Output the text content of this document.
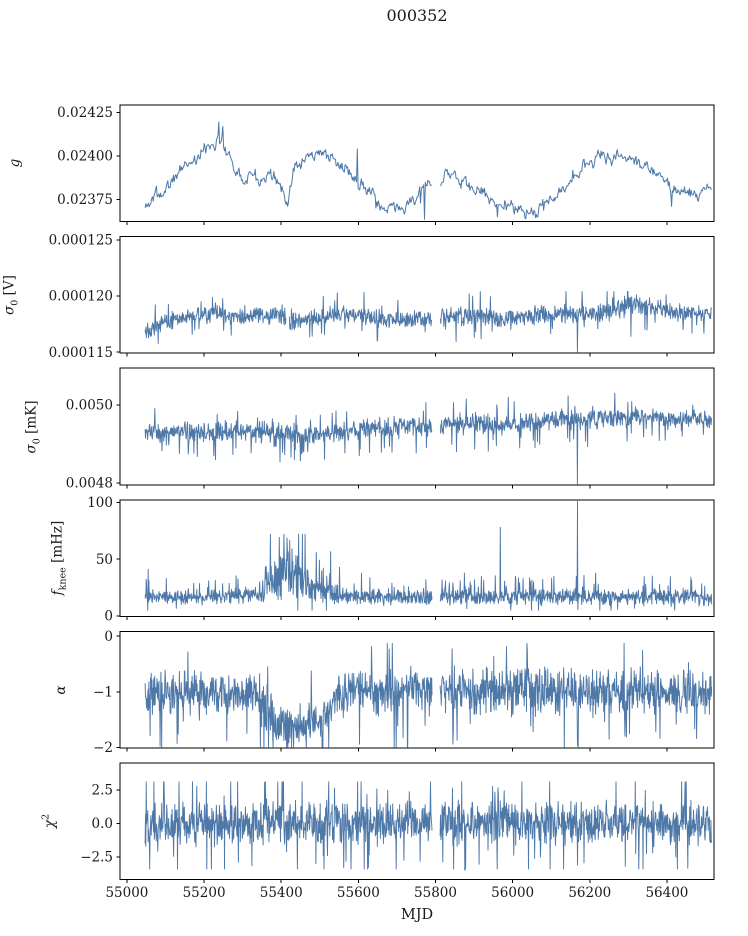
000352
MJD
0.02425
0.02400
0.02375
0.000125
0.000120
0.000115
0.0050
0.0048
100
50
0
0
−1
−2
2.5
0.0
−2.5
55000	55200	55400	55600	55800	56000	56200	56400
g
$\sigma_0$ [V]
$\sigma_0$ [mK]
$f_{knee}$ [mHz]
α
$\chi^2$
